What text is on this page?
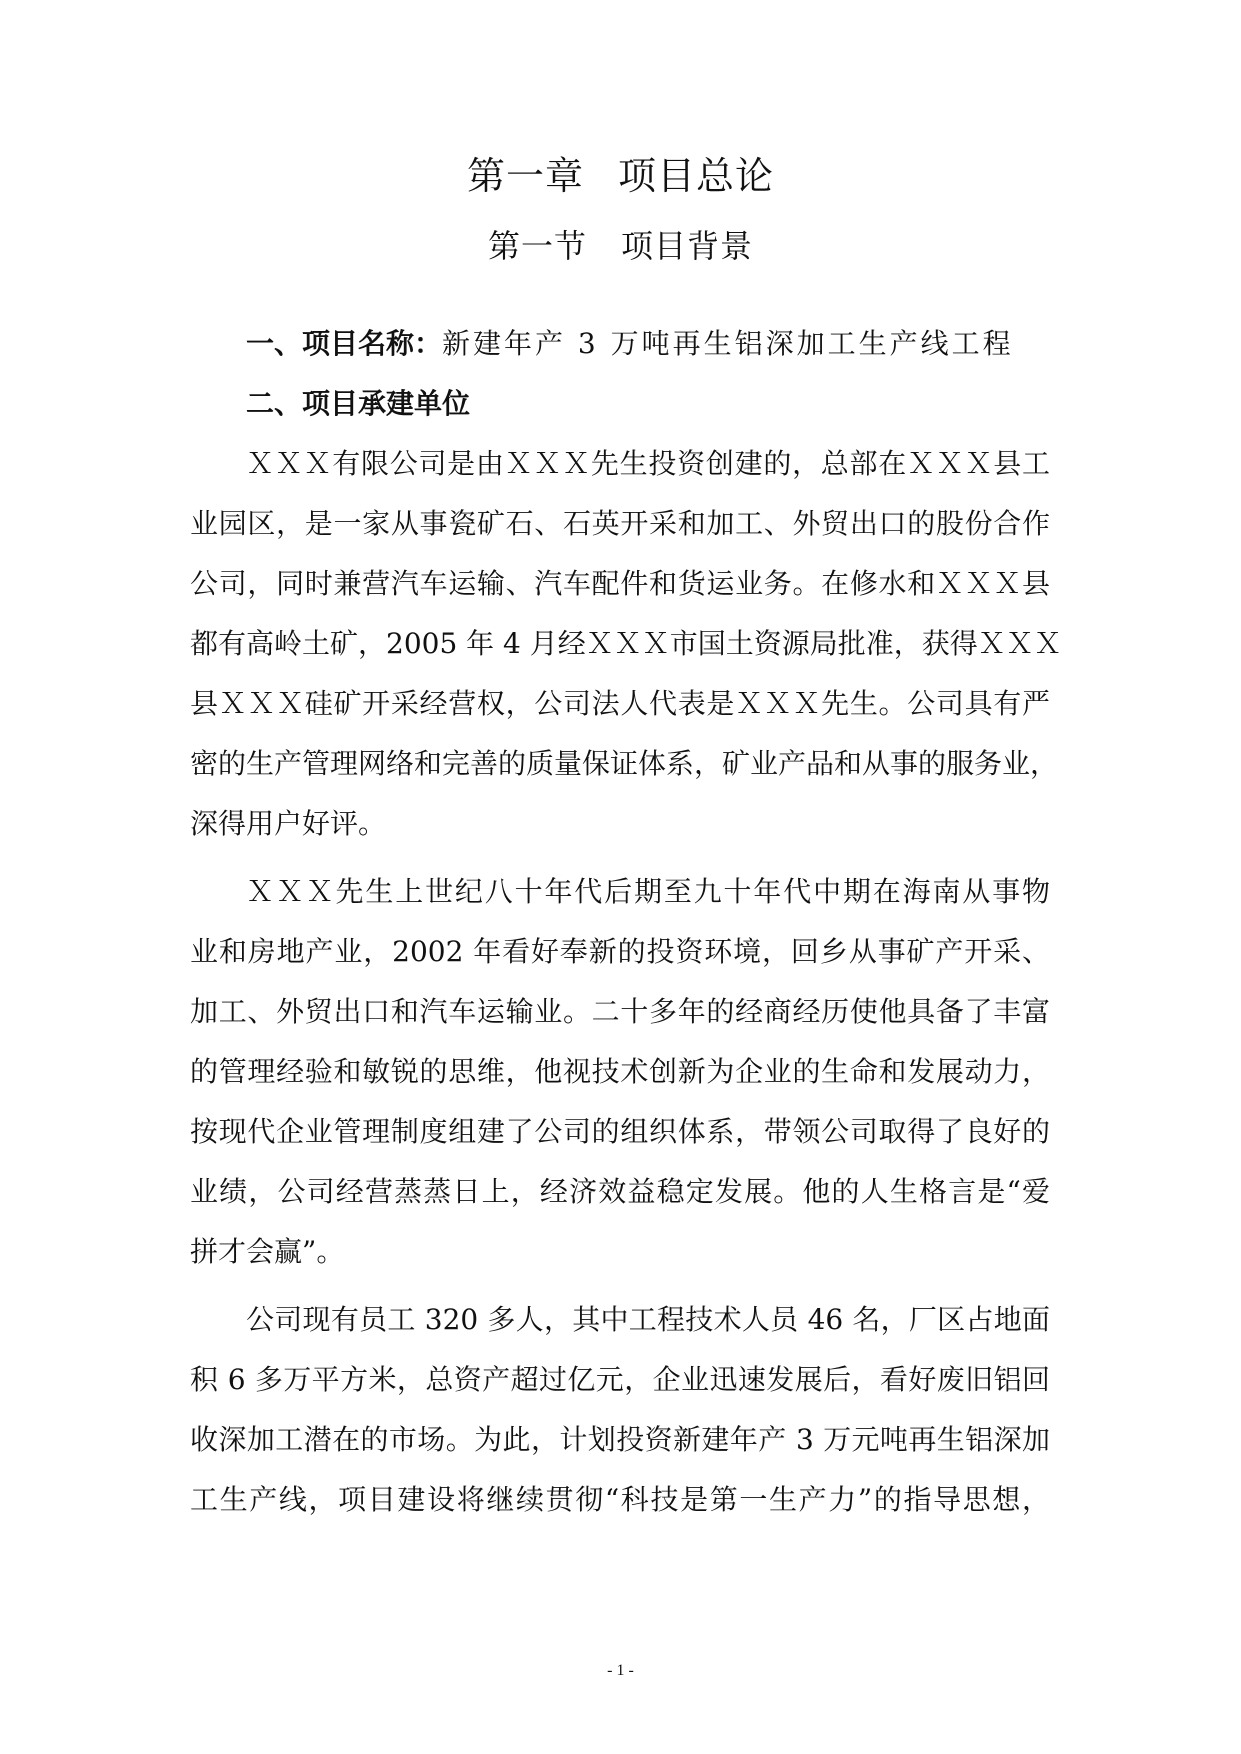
第一章 项目总论
第一节 项目背景
一、项目名称：新建年产 3 万吨再生铝深加工生产线工程
二、项目承建单位
ＸＸＸ有限公司是由ＸＸＸ先生投资创建的，总部在ＸＸＸ县工
业园区，是一家从事瓷矿石、石英开采和加工、外贸出口的股份合作
公司，同时兼营汽车运输、汽车配件和货运业务。在修水和ＸＸＸ县
都有高岭土矿，2005 年 4 月经ＸＸＸ市国土资源局批准，获得ＸＸＸ
县ＸＸＸ硅矿开采经营权，公司法人代表是ＸＸＸ先生。公司具有严
密的生产管理网络和完善的质量保证体系，矿业产品和从事的服务业，
深得用户好评。
ＸＸＸ先生上世纪八十年代后期至九十年代中期在海南从事物
业和房地产业，2002 年看好奉新的投资环境，回乡从事矿产开采、
加工、外贸出口和汽车运输业。二十多年的经商经历使他具备了丰富
的管理经验和敏锐的思维，他视技术创新为企业的生命和发展动力，
按现代企业管理制度组建了公司的组织体系，带领公司取得了良好的
业绩，公司经营蒸蒸日上，经济效益稳定发展。他的人生格言是“爱
拼才会赢”。
公司现有员工 320 多人，其中工程技术人员 46 名，厂区占地面
积 6 多万平方米，总资产超过亿元，企业迅速发展后，看好废旧铝回
收深加工潜在的市场。为此，计划投资新建年产 3 万元吨再生铝深加
工生产线，项目建设将继续贯彻“科技是第一生产力”的指导思想，
- 1 -
